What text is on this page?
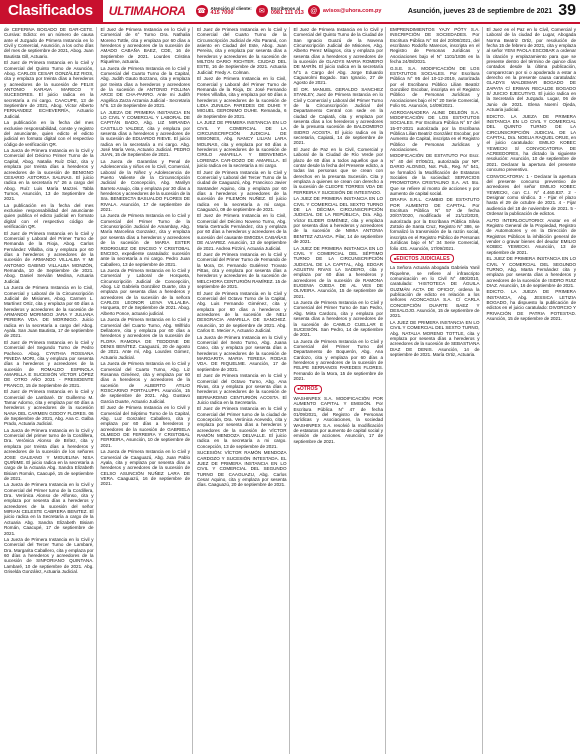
Clasificados	ULTIMAHORA	☎	Atención al cliente:
415 7000	✉	Escríbenos al
0981 111 013 @ avisos@uhora.com.py	Asunción, jueves 23 de septiembre de 2021 39

de CEFERINA BOGADO DE GAR-CETE. Cursiva: Edicto: en un número de causa ante el Juzgado de Primera Instancia en lo Civil y Comercial, Asunción, a los ocho días del mes de septiembre de 2021, Abog. Juan Bautista Gill, Actuario.

El Juez de Primera Instancia en lo Civil y Comercial del Quinto Turno de Asunción, Abog. CARLOS CESAR GONZÁLEZ RIOS, cita y emplaza por treinta días a herederos y acreedores de la sucesión de FELIX ANTONIO KARAVA MARECO Y SUCESORES. El juicio radica en la secretaría a mi cargo. CAACUPE, 13 de Septiembre de 2021, Abog. Víctor Alberto FERNANDEZ ECHEVERRÍA, Actuario Judicial.

La publicación en la fecha del mes exclusive responsabilidad, conste y registro del anunciante, quien edicto el edicto judicial en formato digital con el respectivo código de verificación QR.

La Jueza de Primera Instancia en lo Civil y Comercial del Décimo Primer Turno de la Capital, Abog. Natalia Ruíz Díaz, cita y emplaza por treinta días a herederos y acreedores de la sucesión de BENIGNO CESARIO ASTORGA SALINAS. El juicio radica en la secretaría N° 26 a cargo del Abog. Ruíz Luis María Mazzei. Tabla Turnos, Asunción, 13 de Septiembre de 2021.

La publicación en la fecha del mes exclusive responsabilidad del anunciante quien publica el edicto judicial en formato digital con el respectivo código de verificación QR.

El Juez de Primera Instancia en lo Civil y Comercial y Laboral del Primer Turno de Remanda de la Rioja, Abog. Carlos Fernández Villalba, cita y emplaza por 60 días a herederos y acreedores de la sucesión de ARMANDO VILLALBA Y MI ANTONIO GABINO VILLALBA MONZÓN, Remanda, 10 de Septiembre de 2021. Abog. Daniel Servián Medina, Actuaria Judicial.

La Jueza de Primera Instancia en lo Civil, Comercial y Laboral de la Circunscripción Judicial de Misiones, Abog. Carmen L. Martínez Ortiz, cita y emplaza por 60 días a herederos y acreedores de la sucesión de ARMANDO MORINIGO JARA Y JULIANA PEREIRA VDA. DE MORINIGO. Juicio radica en la secretaría a cargo del Abog. Ayala. San Juan Bautista, 17 de septiembre de 2021.

El Juez de Primera Instancia en lo Civil y Comercial del Segundo Turno de Pedro Pacheco. Abog. CYNTHIA ROSSANA PINEDA MORI, cita y emplaza por sesenta días a herederos y acreedores de la sucesión de ROMALDO ESPINOLA AMARILLA E SUCESIÓN VÍCTOR LÓPEZ DE OTRO AÑO 2021 - PRESIDENTE FRANCO, 15 de Septiembre de 2021.

El Juez de Primera Instancia en lo Civil y Comercial de Lambaré. Dr Guillermo M. Tamar Adorno, cita y emplaza por 60 días a herederos y acreedores de la sucesión NANA DEL CARMEN GODOY FLORES. 06 de Septiembre de 2021, Abg. Ana C. Galba Prado, Actuaria Judicial.

La Jueza de Primera Instancia en lo Civil y Comercial del primer turno de la Cordillera, Dra. Verónica Alonso de Brítez, cita y emplaza por treinta días a herederos y acreedores de la sucesión de los señores JOSE GALEANO Y MIGUELINA NISA QUIÑIME. El juicio radica en la secretaría a cargo de la Actuaria Abg. Sandra Elizabeth Bisiam Román, Caacupé, 15 de septiembre de 2021.

La Jueza de Primera Instancia en lo Civil y Comercial del Primer turno de la Cordillera, Dra. Verónica Alonso de Alfonso, cita y emplaza por sesenta días a herederos y acreedores de la sucesión del señor MIRIAN CELESTE CABRERA BENITEZ. El juicio radica en la Secretaría a cargo de la Actuaria Abg. Sandra Elizabeth Bisiam Román, Caacupé, 17 de septiembre de 2021.

La Jueza de Primera Instancia en lo Civil y Comercial del Tercer Turno de Lambaré, Dra. Margarita Caballero, cita y emplaza por 60 días a herederos y acreedores de la sucesión de SINFORIANO QUINTANA. Lambaré, 10 de septiembre de 2021. Abg. Griselda González, Actuaria Judicial.

El Juez de Primera Instancia en lo Civil y Comercial de 6° Turno Dra. Nathalia Moreno Tottle, cita y emplaza por 60 días a herederos y acreedores de la sucesión de AMADO CABAÑA BAEZ, CDE, 16 de Septiembre de 2021. Lourdes Cristina Riquelme, actuaria.

La Jueza de Primera Instancia en lo Civil y Comercial del Cuarto Turno de la Capital, Abg. Judith Gauto Bozzano, cita y emplaza por treinta días a herederos y acreedores de la sucesión de ANTONIO FOLLINA ARCE DE CHA-PARRO. Ante mi Judith Angélica Zarza Arzamia Judicial - Secretaria N°6. 13 de Septiembre de 2021.

LA JUEZA DE PRIMERA INSTANCIA EN LO CIVIL Y COMERCIAL Y LABORAL DE CAPITÁN BADO, Abg. LIZ MIRANDA CASTILLO VALDEZ, cita y emplaza por sesenta días a herederos y acreedores de la sucesión de EDUARDO RIEVE. El juicio radica en la secretaría a mi cargo. Abg. José María Vera, Actuario Judicial. PEDRO JUAN, 15 de Septiembre de 2021.

La Jueza de Garantías y Penal de Adolescencia y niños en lo Civil, Comercial, Laboral de la Niñez y Adolescencia de Puerto Valiente de la Circunscripción Judicial de Concepción, Abg. Marilyn Barreto Araujo, cita y emplaza por 30 días a herederos y acreedores de la sucesión de la Sra. BENEDICTA BASUALDO FLORES DE RIVALA. Asunción, 17 de septiembre de 2021.

La Jueza de Primera Instancia en lo Civil y Comercial del Primer Turno de la Circunscripción Judicial de Amambay, Abg. María Marcelina Gonzalez, cita y emplaza por sesenta días a herederos y acreedores de la sucesión de MARIA ESTER RODRIGUEZ DE ENCISO Y CRISTOBAL ENCISO, expediente caratulado: sucesión ante la secretaría a mi cargo. Pedro Juan Caballero, 13 de septiembre de 2021.

La Jueza de Primera Instancia en lo Civil y Comercial y Laboral de Horqueta, Circunscripción Judicial de Concepción, Abog. Liz Gabriela González Duarte, cita y emplaza por sesenta días a herederos y acreedores de la sucesión de la señora CARLOS LEONOR LEIVA VILLALBA. Horqueta, 07 de Septiembre de 2021. Abog. Alberto Ponce, actuario judicial.

La Jueza de Primera Instancia en lo Civil y Comercial del Cuarto Turno, Abg. Wilfrido Dellatorre, cita y emplaza por 60 días a herederos y acreedores de la sucesión de FLORA RAMONA DE TEDDONE DE DENIS BENÍTEZ. Caaguazú, 20 de agosto de 2021. Ante mí, Abg. Lourdes Gómez, Actuario Judicial.

La Jueza de Primera Instancia en lo Civil y Comercial del Cuarto Turno, Abg. Liz Rosanna Giménez, cita y emplaza por 60 días a herederos y acreedores de la sucesión de ALBERTO ATILIO ROSCARINO PORTALUPPI. Asunción, 15 de septiembre de 2021. Abg. Gustavo Garcia Duarte, Actuario Judicial.

El Juez de Primera Instancia en lo Civil y Comercial del Séptimo Turno de la Capital, Abg. Luz Gonzalez Caballero, cita y emplaza por 60 días a herederos y acreedores de la sucesión de GABRIELA OLMEDO DE FERREIRA Y CRISTOBAL FERREIRA, Asunción, 10 de septiembre de 2021.

La Jueza de Primera Instancia en lo Civil y Comercial de Caaguazú, Abg. Juan Pablo Ayala, cita y emplaza por sesenta días a herederos y acreedores de la sucesión de CELSO ASUNCIÓN NUÑEZ LARA DE VERA. Caaguazú, 16 de septiembre de 2021.

El Juez de Primera Instancia en lo Civil y Comercial del Cuarto Turno de la Circunscripción Judicial de Alto Paraná, con asiento en Ciudad del Este, Abog. Juan Pereira, cita y emplaza por sesenta días a herederos y acreedores de la sucesión de MILTON DARIO RICHTER. CIUDAD DEL ESTE, 16 de Septiembre de 2021. Actuaria Judicial: Fredy A. Colman.

El Juez de Primera Instancia en lo Civil, Comercial y Laboral del Primer Turno de Remanda de la Rioja, Dr. José Fernando Fretes Villalba, cita y emplaza por 60 días a herederos y acreedores de la sucesión de LIDIA ZUNILDA PAREDES DE DUHE Y MIGUEL GERONIMO DUHE. Remanda, 6 de Septiembre de 2021.

LA JUEZ DE PRIMERA INSTANCIA EN LO CIVIL Y COMERCIAL DE LA CIRCUNSCRIPCIÓN JUDICIAL DE MISIONES, Abg. NANCY LILIAN LARA MOLINAS, cita y emplaza por 60 días a herederos y acreedores de la sucesión de CIRILO AMARILLA Y BIENVENIDA LORENZA CAR-DOZO DE AMARILLA. El juicio radica en la secretaría a mi cargo.

El Juez de Primera Instancia en lo Civil y Comercial y Laboral del Tercer Turno de la ciudad de Caaguazú, Abg. Francisco Javier Santander Aquino, cita y emplaza por 60 días a herederos y acreedores de la sucesión de FILEMON NUÑEZ. El juicio radica en la secretaría a mi cargo. Caaguazú, 09 de septiembre de 2021.

El Juez de Primera Instancia en lo Civil, Comercial del Décimo Noveno Turno, Abg. Maria Gertrudis Fernández, cita y emplaza por 60 días a herederos y acreedores de la sucesión del causante EMIGDIA CABAÑAS DE ALVAREZ. Asunción, 13 de septiembre de 2021. Andrea Pizzini, Actuaria Judicial.

El Juez de Primera Instancia en lo Civil y Comercial del Primer Turno de Fernando de la Mora, Dr. Fernando Gutiérrez Trovato Pittas, cita y emplaza por sesenta días a herederos y acreedores de la sucesión de MELCHORA CENTURIÓN RAMÍREZ. 15 de septiembre de 2021.

El Juez de Primera Instancia en lo Civil y Comercial del Octavo Turno de la Capital, Abg. Luis Fernando Giménez, cita y emplaza por 60 días a herederos y acreedores de la sucesión de NELI DESGRACIA AMARILLA DE SANCHEZ. Asunción, 10 de septiembre de 2021. Abg. Carlos E. Mecier A, Actuario Judicial.

La Jueza de Primera Instancia en lo Civil y Comercial del Sexto Turno, Abg. Juana Cano, cita y emplaza por sesenta días a herederos y acreedores de la sucesión de MARGARITA MARIA TERESA RODAS VDA. DE RIQUELME. Asunción, 17 de septiembre de 2021.

El Juez de Primera Instancia en lo Civil y Comercial del Octavo Turno, Abg. Ana Rivas, cita y emplaza por sesenta días a herederos y acreedores de la sucesión de BERNARDINO CENTURIÓN ACOSTA. El Juicio radica en la Secretaría.

El Juez de Primera Instancia en lo Civil y Comercial del Primer turno de la ciudad de Concepción, Dra. Verónica Acevedo, cita y emplaza por sesenta días a herederos y acreedores de la sucesión de VÍCTOR RAMÓN MENDOZA DELVALLE. El juicio radica en la secretaría a mi cargo. Concepción, 13 de septiembre de 2021.

SUCESIÓN: VÍCTOR RAMÓN MENDOZA CARDOZO Y SUCESIÓN INTESTADA. EL JUEZ DE PRIMERA INSTANCIA EN LO CIVIL Y COMERCIAL DEL SEGUNDO TURNO DE CAAGUAZU, Abg. Carlos Cesar Aquino, cita y emplaza por sesenta días. Caaguazú, 20 de septiembre de 2021.

El Juez de Primera Instancia en lo Civil y Comercial del Quinto Turno de la Ciudad de San Ignacio Guazú de la Novena Circunscripción Judicial de Misiones, Abg. Alberto Perez Milagros, cita y emplaza por sesenta días a herederos y acreedores de la sucesión de GLADYS MARIA ROMERO DE MARÍN. El juicio radica en la secretaría N°1 a Cargo del Abg. Jorge Eduardo Caguarolmi Bogado. San Ignacio, 27 de Agosto de 2021.

El DR. MANUEL GERALDO SANCHEZ STANLEY, Juez de Primera Instancia en lo Civil y Comercial y Laboral del Primer Turno de la Circunscripción Judicial del Departamento Central con sede en la ciudad de Capiatá, cita y emplaza por sesenta días a los herederos y acreedores de la presunta sucesión de BALDOMERO ISIDRO ACOSTA. El juicio radica en la secretaría, Capiatá, 14 de septiembre de 2021.

El Juez de Paz en lo Civil, Comercial y Laboral de la Ciudad de Río Verde por plazo de 60 días a todos aquellos que a contar desde la fecha del Presente edicto, a todas las personas que se crean con derechos en la presunta Sucesión. Cita y emplaza a quienes se crean con derecho a la sucesión de CLEOFE TORRES VDA DE FERREIRA Y SUCESIÓN DE INTESTADO.

LA JUEZ DE PRIMERA INSTANCIA EN LO CIVIL Y COMERCIAL DEL SEXTO TURNO DE LA DÉCIMA CIRCUNSCRIPCIÓN JUDICIAL DE LA REPÚBLICA, Dra. Abg. Víctor ELIDER GIMÉNEZ, cita y emplaza por sesenta días a herederos y acreedores de la sucesión de NIMIA ANTONIA BENITEZ AZUAGA. Pilar, 14 de septiembre de 2021.

LA JUEZ DE PRIMERA INSTANCIA EN LO CIVIL Y COMERCIAL DEL SÉPTIMO TURNO DE LA CIRCUNSCRIPCIÓN JUDICIAL DE LA CAPITAL, Abg. EDGAR AGUSTIN RIVAS LA SADERO, cita y emplaza por 60 días a herederos y acreedores de la sucesión de RAMONA EUGENIA OJEDA DE AL VES DE OLIVEIRA. Asunción, 15 de septiembre de 2021.

La Jueza de Primera Instancia en lo Civil y Comercial del Primer Turno de San Pedro, Abg. Mirta Cardozo, cita y emplaza por sesenta días a herederos y acreedores de la sucesión de CAMILO CUELLAR E SUCESIÓN. San Pedro, 14 de septiembre de 2021.

La Jueza de Primera Instancia en lo Civil y Comercial del Primer Turno del Departamento de Boquerón, Abg. Ana Cardozo, cita y emplaza por 60 días a herederos y acreedores de la sucesión de FELIPE SERRANOS PAREDES FLORES. Fernando de la Mora, 15 de septiembre de 2021.

■ OTROS

WASHINPEX S.A. MODIFICACIÓN POR AUMENTO CAPITAL Y EMISIÓN. Por Escritura Pública N° 47 de fecha 01/09/2021, del Registro de Personas Jurídicas y Asociaciones, la sociedad WASHINPEX S.A. resolvió la modificación de estatutos por aumento de capital social y emisión de acciones. Asunción, 17 de septiembre de 2021.

EMPRENDIMIENTOS YAJY PÓTY S.A. INSCRIPCIÓN DE SOCIEDADES. Por Escritura Pública N° 84 del 20/08/2021, del escribano Rodolfo Marecos, inscripta en el Registro de Personas Jurídicas y Asociaciones bajo el N° 1101/1836 en la fecha 24/08/2021.

G.S.E. S.A. MODIFICACIÓN DE LOS ESTATUTOS SOCIALES. Por Escritura Pública N° 95 del 10-12-2019, autorizada por el Escribano Público Lilian Beatriz González Escobar, inscripta en el Registro Público de Personas Jurídicas y Asociaciones bajo el N° 20 Serie Comercial, Folio 91. Asunción, 14/09/2021.

AGROGANADERA ALINE DELEÓN S.A. MODIFICACIÓN DE LOS ESTATUTOS SOCIALES. Por Escritura Pública N° 57 del 15-07-2021 autorizada por la Escribana Pública Lilian Beatriz González Escobar, por Aumento de Capital, inscripta en el Registro Público de Personas Jurídicas y Asociaciones.

MODIFICACIÓN DE ESTATUTO Por Escr. N° 40 del 07/06/21, autorizada por NP: DARIO ALONSO, Not. Pub., Reg. N° 541, se formalizó la Modificación de Estatutos Sociales de la sociedad: SERVICIOS PROMOTORA CRISTALINO S.A. Art. 5to. Que se refiere al monto de acciones y por aumento de capital social.

DRAFIA S.R.L. CAMBIO DE ESTATUTO POR AUMENTO DE CAPITAL. Por Escritura Pública N° 57 de fecha 20/07/2020, modificado el 21/12/2020, autorizada por la Escribana Pública Silvia Zottolo de Santa Cruz, Registro N° 386, se formalizó la transmisión de la razón social, inscripta en el Registro Público de Personas Jurídicas bajo el N° 34 Serie Comercial, folio 431. Asunción, 17/09/2021.

■ EDICTOS JUDICIALES

La Señora Actuaria abogada Gabriela Yanil Riquelme, se refiere al infrascripto comunicación en lo Civil N° 480/2010, caratulado: 'HISTOTECA DE ÁGUILA GUZMÁN ACTA DE OFICIO', ordena la publicación de edicto en relación a los señores ACONCAGUA S.A. C/ CARLA CONCEPCIÓN DUARTE BAEZ Y DESALOJO. Asunción, 15 de septiembre de 2021.

LA JUEZ DE PRIMERA INSTANCIA EN LO CIVIL Y COMERCIAL DEL SEXTO TURNO, Abg. NATALIA MORENO TOTTLE, cita y emplaza por sesenta días a herederos y acreedores de la sucesión de SEBASTIANA DIAZ DE DENIS. Asunción, 14 de septiembre de 2021. María Ortiz, Actuaria.

El Juez en el Paz en lo Civil, Comercial y Laboral de la ciudad de Lugar, Abogada Norma Beatriz Ortiz, por resolución de fecha 15 de febrero de 2021, cita y emplaza al señor YENI PAOLA ESCOBAR a ordenar la citación y emplazamiento para que se presente dentro del término de quince días contados desde la última publicación, comparezcan por si o apoderado a estar a derecho en la presente causa caratulada: GLADYS WALDEMAR BOGADO DE ZAPATA C/ ERWAN RECALDE BOGADO S/ JUICIO EJECUTIVO. El juicio radica en la Secretaría del Juzgado. Lugar, 06 de Junio de 2021. Elena Noemí Ojeda, Actuaria judicial.

EDICTO. LA JUEZA DE PRIMERA INSTANCIA EN LO CIVIL Y COMERCIAL DEL QUINTO TURNO DE LA CIRCUNSCRIPCIÓN JUDICIAL DE LA CAPITAL, Dra. NOELIA RAQUEL ORUE, en el juicio caratulado: EMILIO KOBEC YEWECKI S/ CONVOCATORIA DE ACREEDORES, ha dictado la siguiente resolución: Asunción, 10 de septiembre de 2021. Declarar la apertura del presente concurso preventivo.

CONVOCATORIA: 1 - Declarar la apertura del presente concurso preventivo de acreedores del señor EMILIO KOBEC YEWECKI, con C.I. N° 4.460.837. 2 - Designar como síndico. 3 - Fijar el plazo hasta el 29 de octubre de 2021. 4 - Fijar audiencia del 18 de noviembre de 2021. 5 - Ordenar la publicación de edictos.

AUTO INTERLOCUTORIO: Anotar en el Registro General de la Propiedad, Registro de Automotores y en la Dirección de Registros Públicos la inhibición general de vender o gravar bienes del deudor EMILIO KOBEC YEWECKI. Asunción, 13 de septiembre de 2021.

EL JUEZ DE PRIMERA INSTANCIA EN LO CIVIL Y COMERCIAL DEL SEGUNDO TURNO, Abg. Marta Fernández cita y emplaza por sesenta días a herederos y acreedores de la sucesión de ISIDRO RUIZ DIAZ. Asunción, 16 de septiembre de 2021.

EDICTO. LA JUEZA DE PRIMERA INSTANCIA, Abg. JESSICA LETIZIA BOGADO, ha dispuesto la publicación de edictos en el juicio caratulado: DIVORCIO Y PRIVACIÓN DE PATRIA POTESTAD. Asunción, 15 de septiembre de 2021.
